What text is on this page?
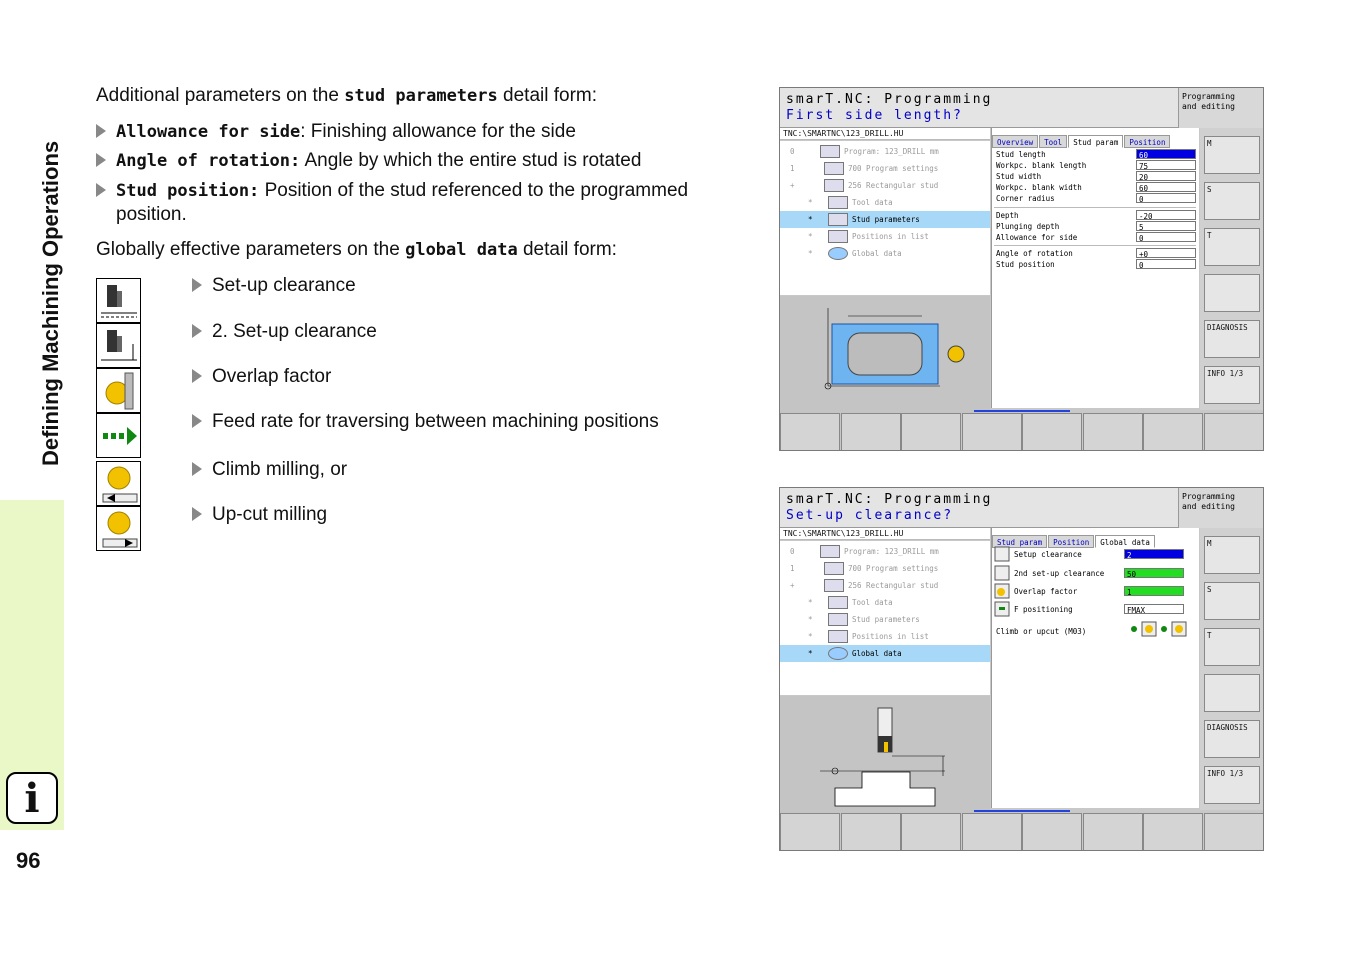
Defining Machining Operations
i
96
Additional parameters on the stud parameters detail form:
Allowance for side: Finishing allowance for the side
Angle of rotation: Angle by which the entire stud is rotated
Stud position: Position of the stud referenced to the programmed position.
Globally effective parameters on the global data detail form:
Set-up clearance
2. Set-up clearance
Overlap factor
Feed rate for traversing between machining positions
Climb milling, or
Up-cut milling
smarT.NC: Programming
First side length?
Programming
and editing
TNC:\SMARTNC\123_DRILL.HU
0	Program: 123_DRILL mm
1	700 Program settings
+	256 Rectangular stud
*	Tool data
*	Stud parameters
*	Positions in list
*	Global data
Overview Tool Stud param Position
Stud length	60
Workpc. blank length	75
Stud width	20
Workpc. blank width	60
Corner radius	0
Depth	-20
Plunging depth	5
Allowance for side	0
Angle of rotation	+0
Stud position	0
M
S
T
DIAGNOSIS
INFO 1/3
smarT.NC: Programming
Set-up clearance?
Programming
and editing
TNC:\SMARTNC\123_DRILL.HU
0	Program: 123_DRILL mm
1	700 Program settings
+	256 Rectangular stud
*	Tool data
*	Stud parameters
*	Positions in list
*	Global data
Stud param Position Global data
Setup clearance	2
2nd set-up clearance	50
Overlap factor	1
F positioning	FMAX
Climb or upcut (M03)
M
S
T
DIAGNOSIS
INFO 1/3
